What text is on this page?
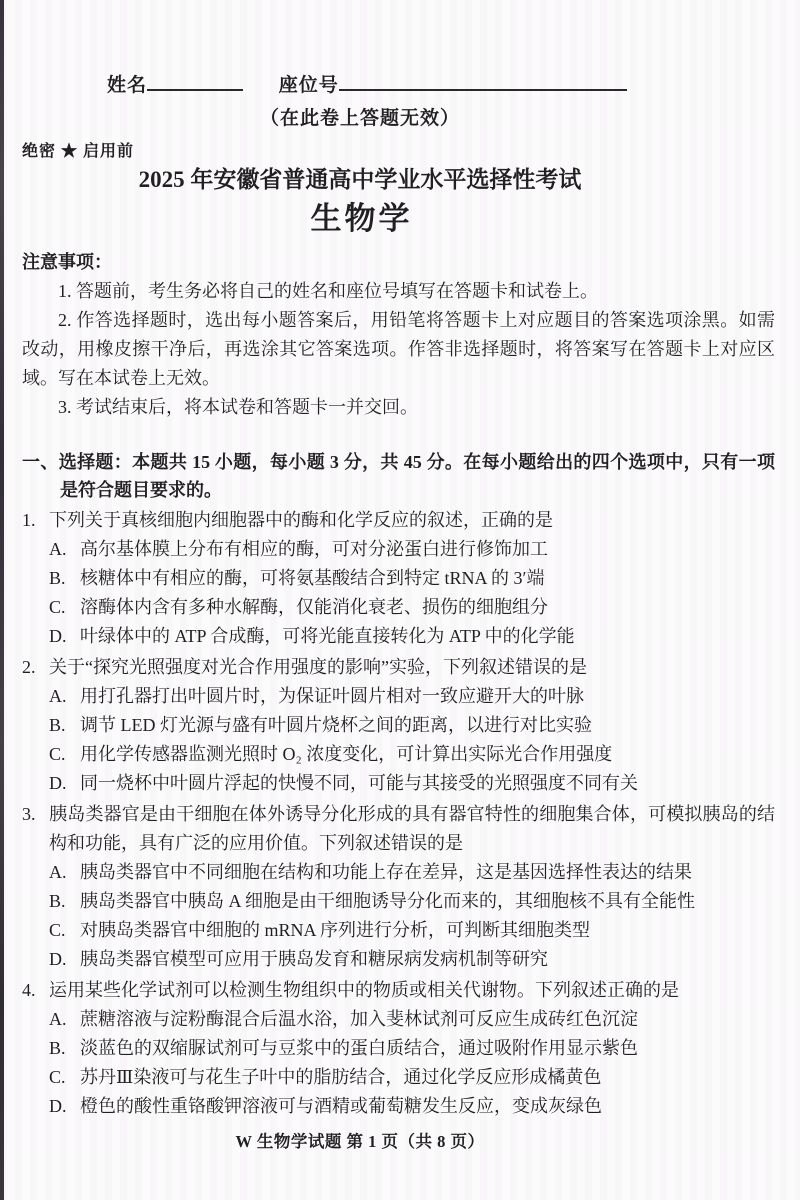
姓名	座位号
（在此卷上答题无效）
绝密 ★ 启用前
2025 年安徽省普通高中学业水平选择性考试
生物学
注意事项：

1. 答题前，考生务必将自己的姓名和座位号填写在答题卡和试卷上。

2. 作答选择题时，选出每小题答案后，用铅笔将答题卡上对应题目的答案选项涂黑。如需改动，用橡皮擦干净后，再选涂其它答案选项。作答非选择题时，将答案写在答题卡上对应区域。写在本试卷上无效。

3. 考试结束后，将本试卷和答题卡一并交回。

一、选择题：本题共 15 小题，每小题 3 分，共 45 分。在每小题给出的四个选项中，只有一项是符合题目要求的。

1. 下列关于真核细胞内细胞器中的酶和化学反应的叙述，正确的是

A. 高尔基体膜上分布有相应的酶，可对分泌蛋白进行修饰加工

B. 核糖体中有相应的酶，可将氨基酸结合到特定 tRNA 的 3′端

C. 溶酶体内含有多种水解酶，仅能消化衰老、损伤的细胞组分

D. 叶绿体中的 ATP 合成酶，可将光能直接转化为 ATP 中的化学能

2. 关于“探究光照强度对光合作用强度的影响”实验，下列叙述错误的是

A. 用打孔器打出叶圆片时，为保证叶圆片相对一致应避开大的叶脉

B. 调节 LED 灯光源与盛有叶圆片烧杯之间的距离，以进行对比实验

C. 用化学传感器监测光照时 O₂ 浓度变化，可计算出实际光合作用强度

D. 同一烧杯中叶圆片浮起的快慢不同，可能与其接受的光照强度不同有关

3. 胰岛类器官是由干细胞在体外诱导分化形成的具有器官特性的细胞集合体，可模拟胰岛的结构和功能，具有广泛的应用价值。下列叙述错误的是

A. 胰岛类器官中不同细胞在结构和功能上存在差异，这是基因选择性表达的结果

B. 胰岛类器官中胰岛 A 细胞是由干细胞诱导分化而来的，其细胞核不具有全能性

C. 对胰岛类器官中细胞的 mRNA 序列进行分析，可判断其细胞类型

D. 胰岛类器官模型可应用于胰岛发育和糖尿病发病机制等研究

4. 运用某些化学试剂可以检测生物组织中的物质或相关代谢物。下列叙述正确的是

A. 蔗糖溶液与淀粉酶混合后温水浴，加入斐林试剂可反应生成砖红色沉淀

B. 淡蓝色的双缩脲试剂可与豆浆中的蛋白质结合，通过吸附作用显示紫色

C. 苏丹Ⅲ染液可与花生子叶中的脂肪结合，通过化学反应形成橘黄色

D. 橙色的酸性重铬酸钾溶液可与酒精或葡萄糖发生反应，变成灰绿色

W 生物学试题 第 1 页（共 8 页）
